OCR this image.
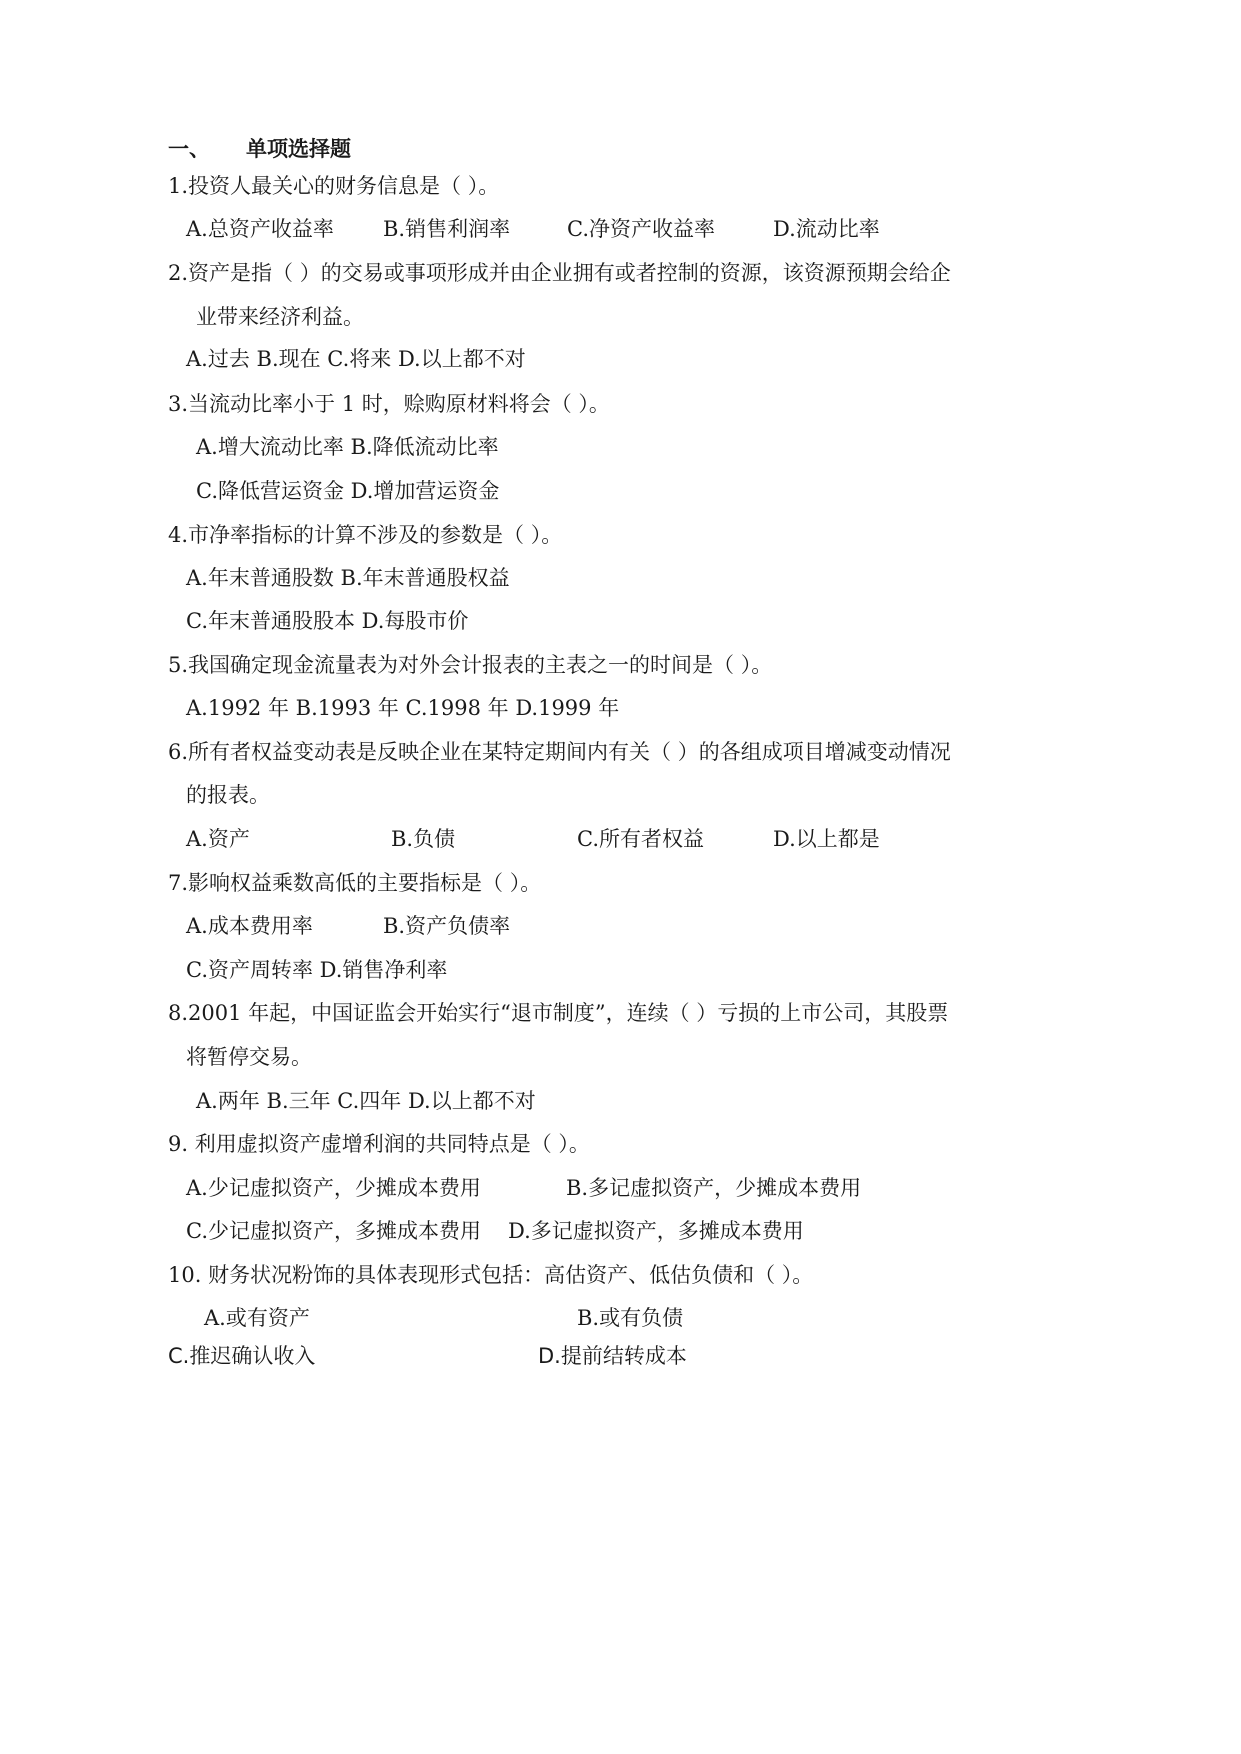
一、 单项选择题
1.投资人最关心的财务信息是（ ）。
A.总资产收益率 B.销售利润率	C.净资产收益率	D.流动比率
2.资产是指（ ）的交易或事项形成并由企业拥有或者控制的资源，该资源预期会给企
业带来经济利益。
A.过去 B.现在 C.将来 D.以上都不对
3.当流动比率小于 1 时，赊购原材料将会（ ）。
A.增大流动比率 B.降低流动比率
C.降低营运资金 D.增加营运资金
4.市净率指标的计算不涉及的参数是（ ）。
A.年末普通股数 B.年末普通股权益
C.年末普通股股本 D.每股市价
5.我国确定现金流量表为对外会计报表的主表之一的时间是（ ）。
A.1992 年 B.1993 年 C.1998 年 D.1999 年
6.所有者权益变动表是反映企业在某特定期间内有关（ ）的各组成项目增减变动情况
的报表。
A.资产	B.负债	C.所有者权益	D.以上都是
7.影响权益乘数高低的主要指标是（ ）。
A.成本费用率	B.资产负债率
C.资产周转率 D.销售净利率
8.2001 年起，中国证监会开始实行“退市制度”，连续（ ）亏损的上市公司，其股票
将暂停交易。
A.两年 B.三年 C.四年 D.以上都不对
9. 利用虚拟资产虚增利润的共同特点是（ ）。
A.少记虚拟资产，少摊成本费用	B.多记虚拟资产，少摊成本费用
C.少记虚拟资产，多摊成本费用 D.多记虚拟资产，多摊成本费用
10. 财务状况粉饰的具体表现形式包括：高估资产、低估负债和（ ）。
A.或有资产	B.或有负债
C.推迟确认收入	D.提前结转成本
